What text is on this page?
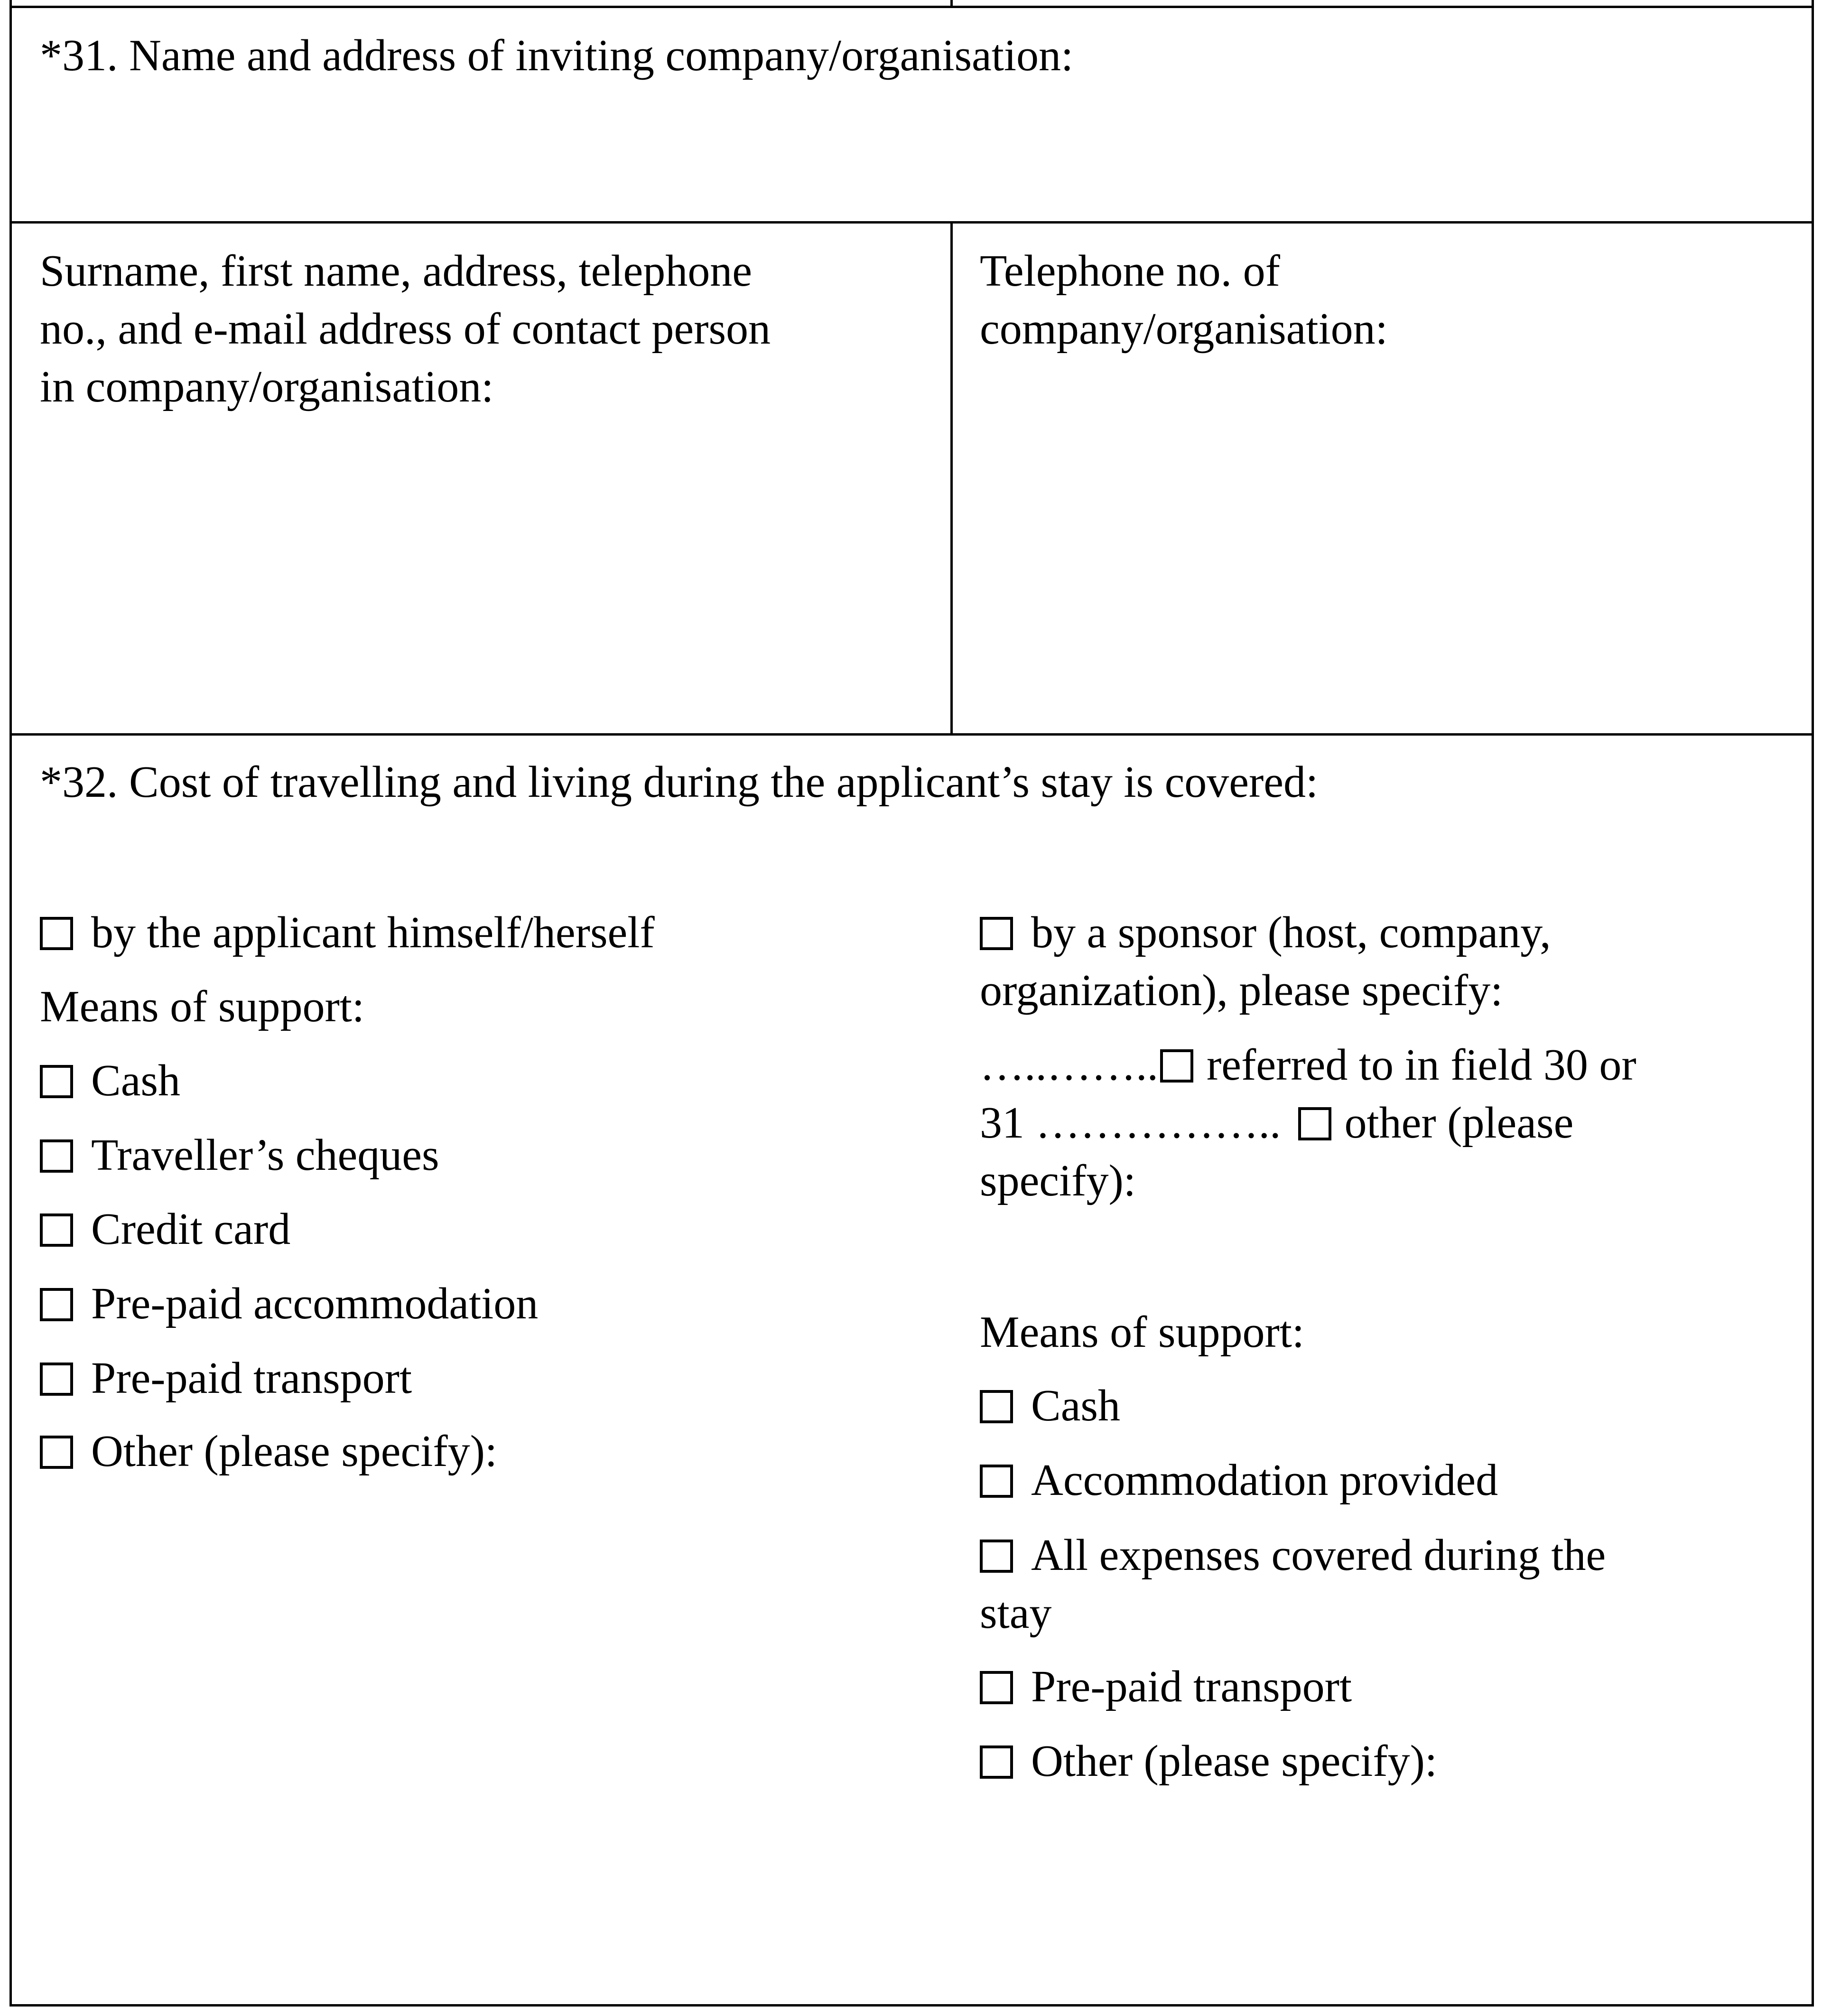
*31. Name and address of inviting company/organisation:

Surname, first name, address, telephone

no., and e-mail address of contact person

in company/organisation:

Telephone no. of

company/organisation:

*32. Cost of travelling and living during the applicant’s stay is covered:

by the applicant himself/herself

Means of support:

Cash

Traveller’s cheques

Credit card

Pre-paid accommodation

Pre-paid transport

Other (please specify):

by a sponsor (host, company,

organization), please specify:

…..…….. referred to in field 30 or

31 …………….. other (please

specify):

Means of support:

Cash

Accommodation provided

All expenses covered during the

stay

Pre-paid transport

Other (please specify):
